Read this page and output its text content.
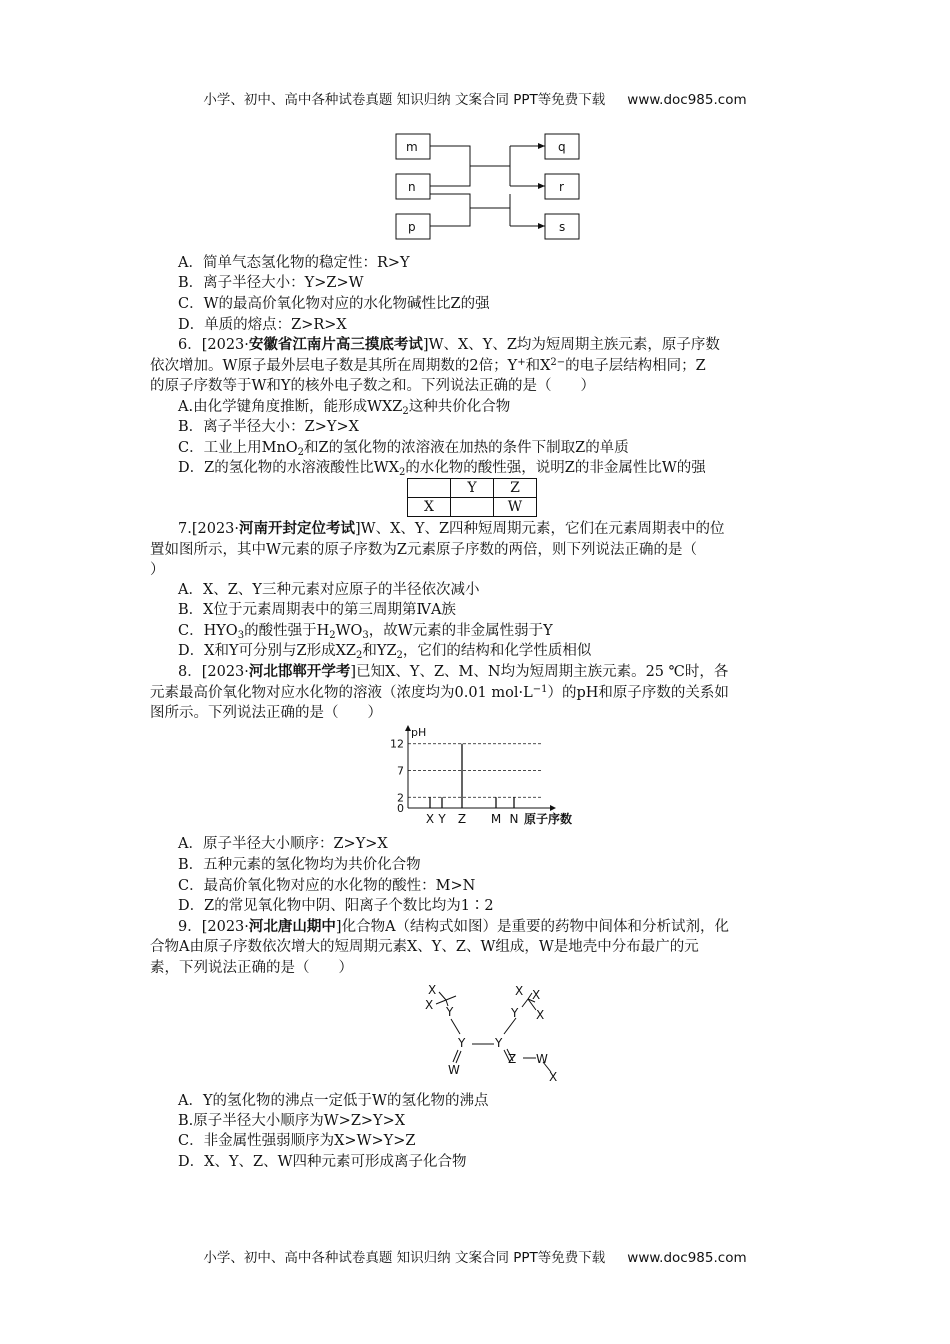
小学、初中、高中各种试卷真题 知识归纳 文案合同 PPT等免费下载 www.doc985.com
m
n
p
q
r
s
A．简单气态氢化物的稳定性：R>Y
B．离子半径大小：Y>Z>W
C．W的最高价氧化物对应的水化物碱性比Z的强
D．单质的熔点：Z>R>X
6．[2023·安徽省江南片高三摸底考试]W、X、Y、Z均为短周期主族元素，原子序数
依次增加。W原子最外层电子数是其所在周期数的2倍；Y+和$X^{2-}$的电子层结构相同；Z
的原子序数等于W和Y的核外电子数之和。下列说法正确的是（　　）
A.由化学键角度推断，能形成$WXZ_2$这种共价化合物
B．离子半径大小：Z>Y>X
C．工业上用MnO$_2$和Z的氢化物的浓溶液在加热的条件下制取Z的单质
D．Z的氢化物的水溶液酸性比$WX_2$的水化物的酸性强，说明Z的非金属性比W的强
7.[2023·河南开封定位考试]W、X、Y、Z四种短周期元素，它们在元素周期表中的位
置如图所示，其中W元素的原子序数为Z元素原子序数的两倍，则下列说法正确的是（
）
A．X、Z、Y三种元素对应原子的半径依次减小
B．X位于元素周期表中的第三周期第ⅣA族
C．$HYO_3$的酸性强于$H_2WO_3$，故W元素的非金属性弱于Y
D．X和Y可分别与Z形成$XZ_2$和$YZ_2$，它们的结构和化学性质相似
8．[2023·河北邯郸开学考]已知X、Y、Z、M、N均为短周期主族元素。25 ℃时，各
元素最高价氧化物对应水化物的溶液（浓度均为0.01 $mol\cdot L^{-1}$）的pH和原子序数的关系如
图所示。下列说法正确的是（　　）
A．原子半径大小顺序：Z>Y>X
B．五种元素的氢化物均为共价化合物
C．最高价氧化物对应的水化物的酸性：M>N
D．Z的常见氧化物中阴、阳离子个数比均为1∶2
9．[2023·河北唐山期中]化合物A（结构式如图）是重要的药物中间体和分析试剂，化
合物A由原子序数依次增大的短周期元素X、Y、Z、W组成，W是地壳中分布最广的元
素，下列说法正确的是（　　）
A．Y的氢化物的沸点一定低于W的氢化物的沸点
B.原子半径大小顺序为W>Z>Y>X
C．非金属性强弱顺序为X>W>Y>Z
D．X、Y、Z、W四种元素可形成离子化合物
	Y	Z
X		W
pH
0
2
7
12
X Y Z M N 原子序数
X
X Y
Y Y
W
Y
X X
X
Z W
X
小学、初中、高中各种试卷真题 知识归纳 文案合同 PPT等免费下载 www.doc985.com
